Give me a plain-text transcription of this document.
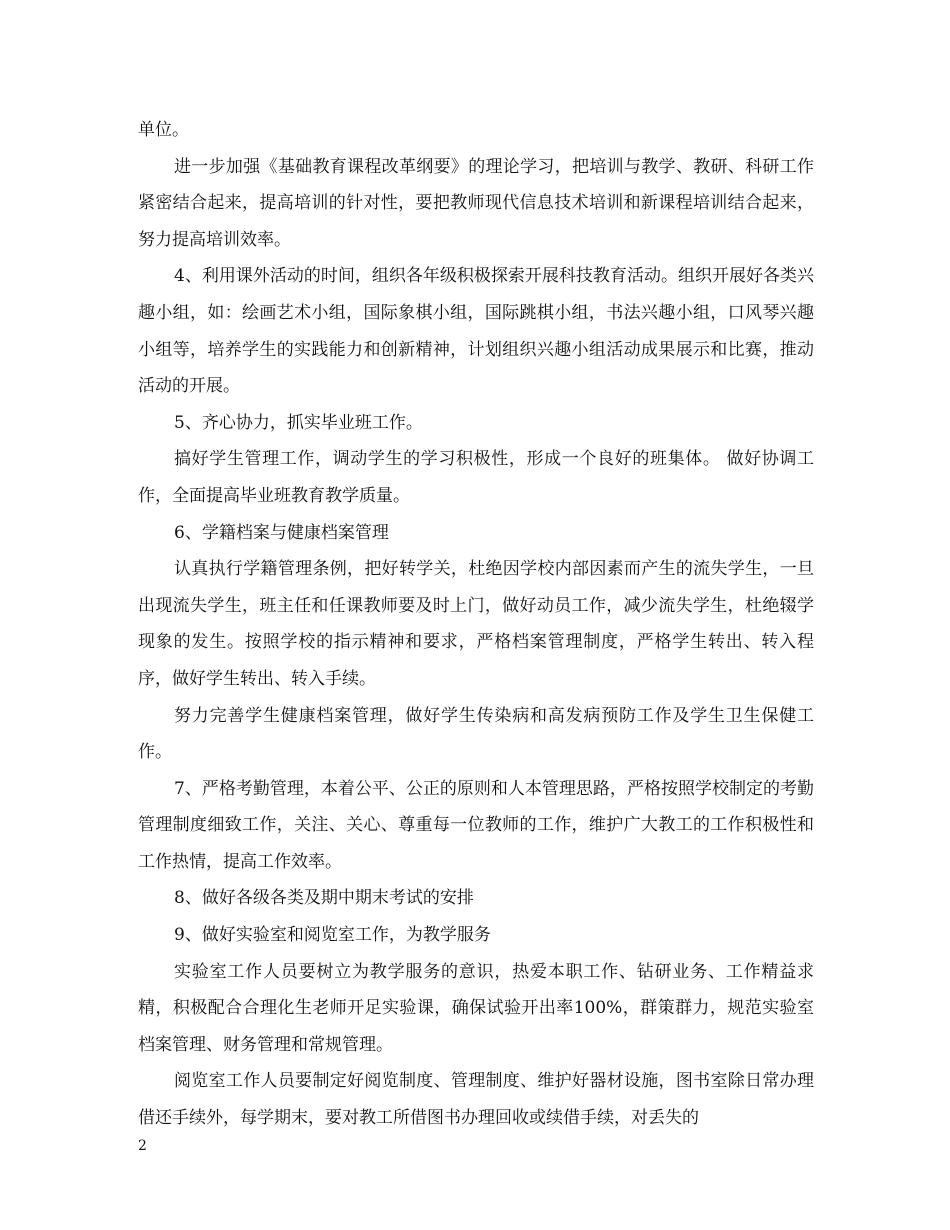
单位。

进一步加强《基础教育课程改革纲要》的理论学习，把培训与教学、教研、科研工作紧密结合起来，提高培训的针对性，要把教师现代信息技术培训和新课程培训结合起来，努力提高培训效率。

4、利用课外活动的时间，组织各年级积极探索开展科技教育活动。组织开展好各类兴趣小组，如：绘画艺术小组，国际象棋小组，国际跳棋小组，书法兴趣小组，口风琴兴趣小组等，培养学生的实践能力和创新精神，计划组织兴趣小组活动成果展示和比赛，推动活动的开展。

5、齐心协力，抓实毕业班工作。

搞好学生管理工作，调动学生的学习积极性，形成一个良好的班集体。 做好协调工作，全面提高毕业班教育教学质量。

6、学籍档案与健康档案管理

认真执行学籍管理条例，把好转学关，杜绝因学校内部因素而产生的流失学生，一旦出现流失学生，班主任和任课教师要及时上门，做好动员工作，减少流失学生，杜绝辍学现象的发生。按照学校的指示精神和要求，严格档案管理制度，严格学生转出、转入程序，做好学生转出、转入手续。

努力完善学生健康档案管理，做好学生传染病和高发病预防工作及学生卫生保健工作。

7、严格考勤管理，本着公平、公正的原则和人本管理思路，严格按照学校制定的考勤管理制度细致工作，关注、关心、尊重每一位教师的工作，维护广大教工的工作积极性和工作热情，提高工作效率。

8、做好各级各类及期中期末考试的安排

9、做好实验室和阅览室工作，为教学服务

实验室工作人员要树立为教学服务的意识，热爱本职工作、钻研业务、工作精益求精，积极配合合理化生老师开足实验课，确保试验开出率100%，群策群力，规范实验室档案管理、财务管理和常规管理。

阅览室工作人员要制定好阅览制度、管理制度、维护好器材设施，图书室除日常办理借还手续外，每学期末，要对教工所借图书办理回收或续借手续，对丢失的

2
